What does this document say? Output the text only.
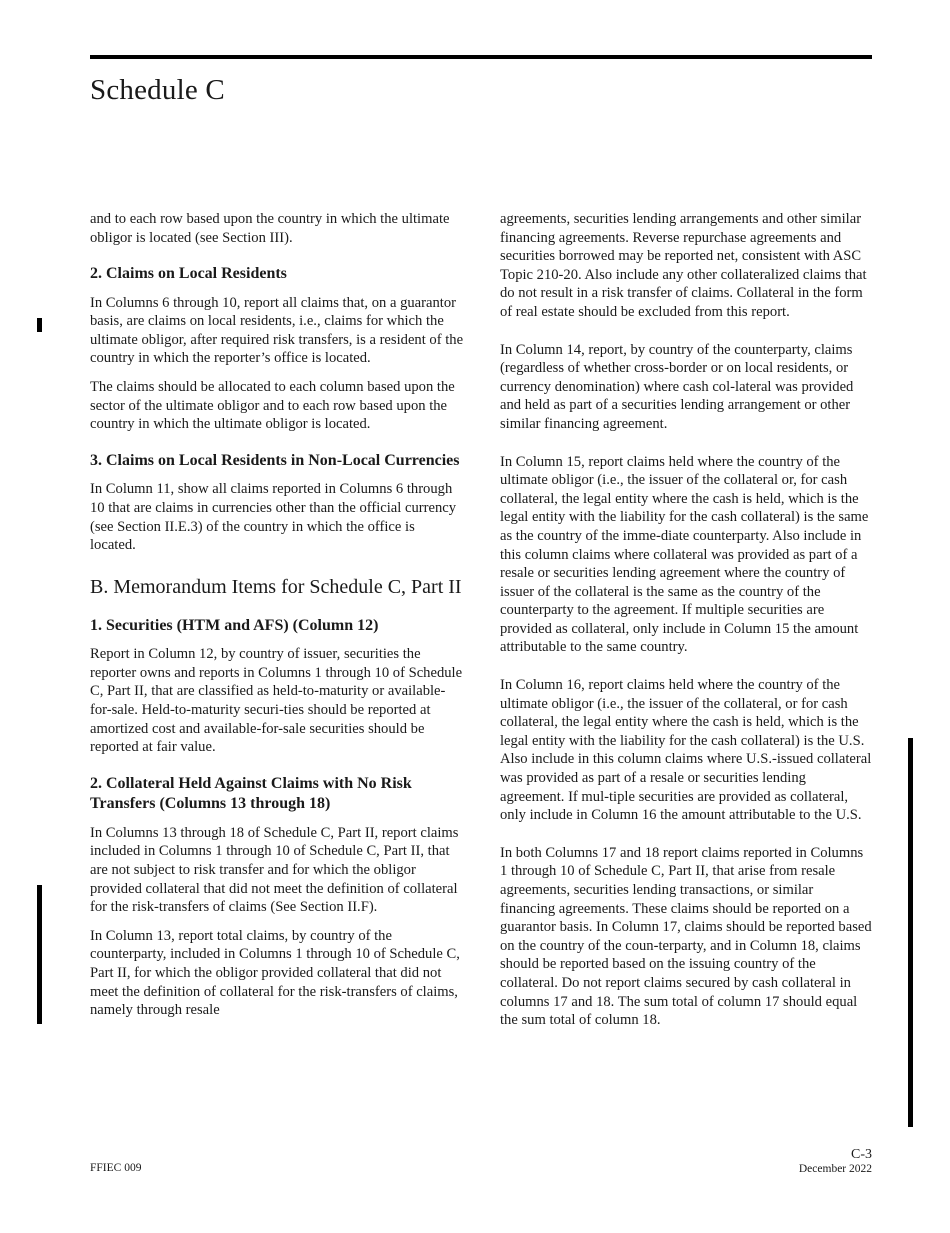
Schedule C

and to each row based upon the country in which the ultimate obligor is located (see Section III).

2. Claims on Local Residents

In Columns 6 through 10, report all claims that, on a guarantor basis, are claims on local residents, i.e., claims for which the ultimate obligor, after required risk transfers, is a resident of the country in which the reporter’s office is located.

The claims should be allocated to each column based upon the sector of the ultimate obligor and to each row based upon the country in which the ultimate obligor is located.

3. Claims on Local Residents in Non-Local Currencies

In Column 11, show all claims reported in Columns 6 through 10 that are claims in currencies other than the official currency (see Section II.E.3) of the country in which the office is located.

B. Memorandum Items for Schedule C, Part II
1. Securities (HTM and AFS) (Column 12)

Report in Column 12, by country of issuer, securities the reporter owns and reports in Columns 1 through 10 of Schedule C, Part II, that are classified as held-to-maturity or available-for-sale. Held-to-maturity securi-ties should be reported at amortized cost and available-for-sale securities should be reported at fair value.

2. Collateral Held Against Claims with No Risk Transfers (Columns 13 through 18)

In Columns 13 through 18 of Schedule C, Part II, report claims included in Columns 1 through 10 of Schedule C, Part II, that are not subject to risk transfer and for which the obligor provided collateral that did not meet the definition of collateral for the risk-transfers of claims (See Section II.F).

In Column 13, report total claims, by country of the counterparty, included in Columns 1 through 10 of Schedule C, Part II, for which the obligor provided collateral that did not meet the definition of collateral for the risk-transfers of claims, namely through resale

agreements, securities lending arrangements and other similar financing agreements. Reverse repurchase agreements and securities borrowed may be reported net, consistent with ASC Topic 210-20. Also include any other collateralized claims that do not result in a risk transfer of claims. Collateral in the form of real estate should be excluded from this report.

In Column 14, report, by country of the counterparty, claims (regardless of whether cross-border or on local residents, or currency denomination) where cash col-lateral was provided and held as part of a securities lending arrangement or other similar financing agreement.

In Column 15, report claims held where the country of the ultimate obligor (i.e., the issuer of the collateral or, for cash collateral, the legal entity where the cash is held, which is the legal entity with the liability for the cash collateral) is the same as the country of the imme-diate counterparty. Also include in this column claims where collateral was provided as part of a resale or securities lending agreement where the country of issuer of the collateral is the same as the country of the counterparty to the agreement. If multiple securities are provided as collateral, only include in Column 15 the amount attributable to the same country.

In Column 16, report claims held where the country of the ultimate obligor (i.e., the issuer of the collateral, or for cash collateral, the legal entity where the cash is held, which is the legal entity with the liability for the cash collateral) is the U.S. Also include in this column claims where U.S.-issued collateral was provided as part of a resale or securities lending agreement. If mul-tiple securities are provided as collateral, only include in Column 16 the amount attributable to the U.S.

In both Columns 17 and 18 report claims reported in Columns 1 through 10 of Schedule C, Part II, that arise from resale agreements, securities lending transactions, or similar financing agreements. These claims should be reported on a guarantor basis. In Column 17, claims should be reported based on the country of the coun-terparty, and in Column 18, claims should be reported based on the issuing country of the collateral. Do not report claims secured by cash collateral in columns 17 and 18. The sum total of column 17 should equal the sum total of column 18.

FFIEC 009
C-3
December 2022
